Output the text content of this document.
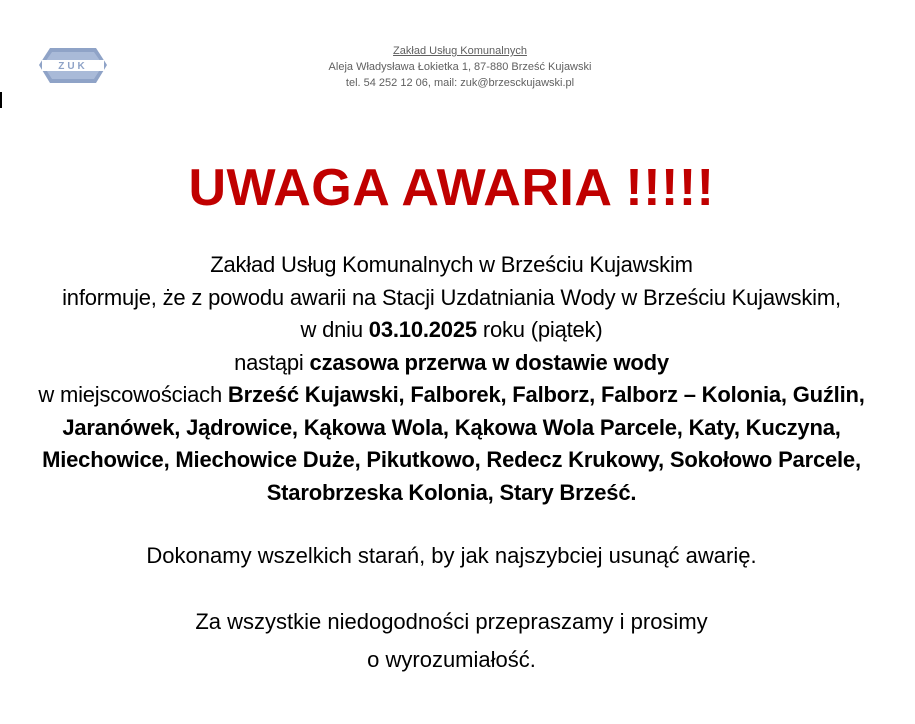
ZUK
Zakład Usług Komunalnych
Aleja Władysława Łokietka 1, 87-880 Brześć Kujawski
tel. 54 252 12 06, mail: zuk@brzesckujawski.pl
UWAGA AWARIA !!!!!
Zakład Usług Komunalnych w Brześciu Kujawskim
informuje, że z powodu awarii na Stacji Uzdatniania Wody w Brześciu Kujawskim,
w dniu 03.10.2025 roku (piątek)
nastąpi czasowa przerwa w dostawie wody
w miejscowościach Brześć Kujawski, Falborek, Falborz, Falborz – Kolonia, Guźlin,
Jaranówek, Jądrowice, Kąkowa Wola, Kąkowa Wola Parcele, Katy, Kuczyna,
Miechowice, Miechowice Duże, Pikutkowo, Redecz Krukowy, Sokołowo Parcele,
Starobrzeska Kolonia, Stary Brześć.
Dokonamy wszelkich starań, by jak najszybciej usunąć awarię.
Za wszystkie niedogodności przepraszamy i prosimy
o wyrozumiałość.
